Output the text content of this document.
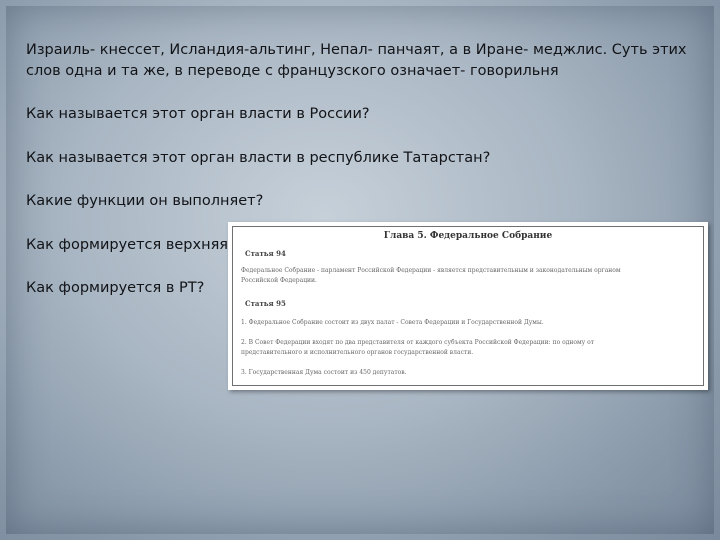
Израиль- кнессет, Исландия-альтинг, Непал- панчаят, а в Иране- меджлис. Суть этих
слов одна и та же, в переводе с французского означает- говорильня
Как называется этот орган власти в России?
Как называется этот орган власти в республике Татарстан?
Какие функции он выполняет?
Как формируется верхняя
Как формируется в РТ?
Глава 5. Федеральное Собрание
Статья 94
Федеральное Собрание - парламент Российской Федерации - является представительным и законодательным органом
Российской Федерации.
Статья 95
1. Федеральное Собрание состоит из двух палат - Совета Федерации и Государственной Думы.
2. В Совет Федерации входят по два представителя от каждого субъекта Российской Федерации: по одному от
представительного и исполнительного органов государственной власти.
3. Государственная Дума состоит из 450 депутатов.
